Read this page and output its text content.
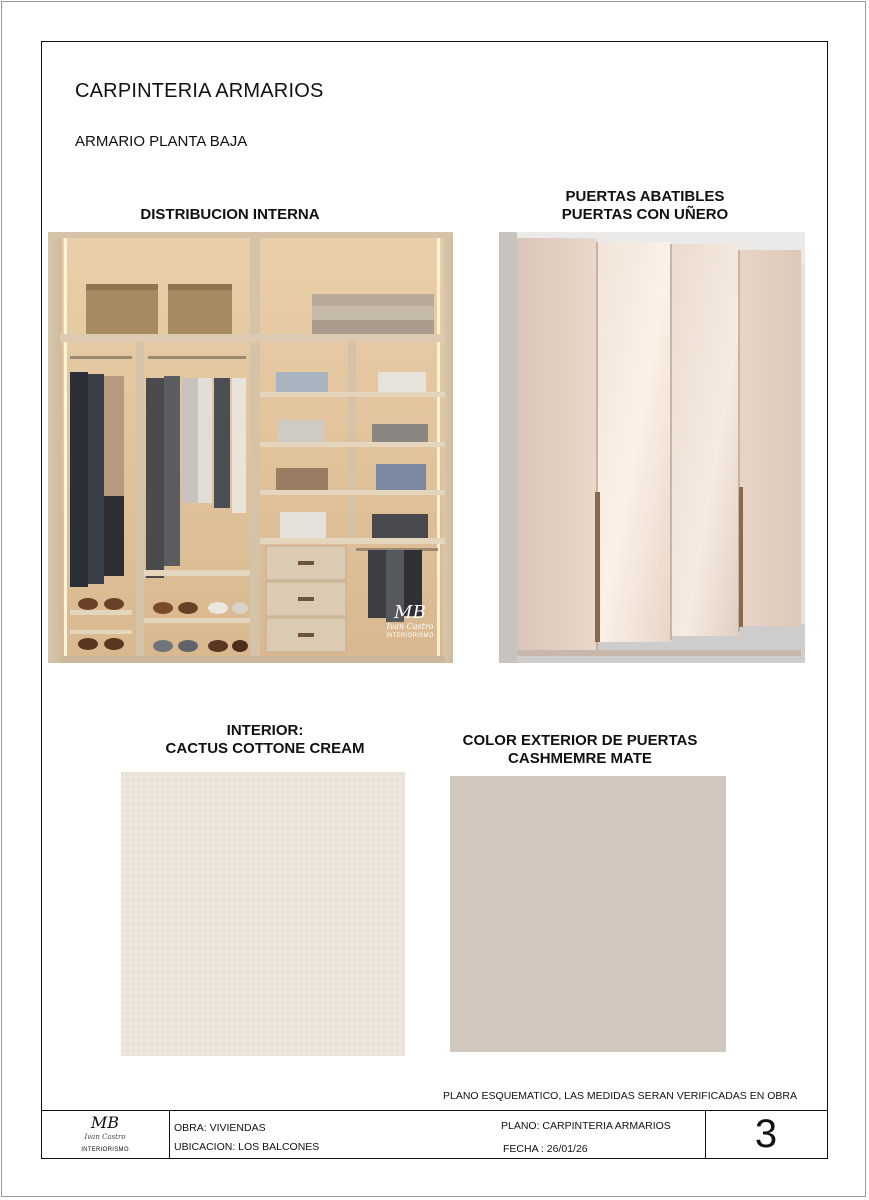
CARPINTERIA ARMARIOS
ARMARIO PLANTA BAJA
DISTRIBUCION INTERNA
PUERTAS ABATIBLES
PUERTAS CON UÑERO
MB
Ivan Castro
INTERIORISMO
INTERIOR:
CACTUS COTTONE CREAM	COLOR EXTERIOR DE PUERTAS
CASHMEMRE MATE
PLANO ESQUEMATICO, LAS MEDIDAS SERAN VERIFICADAS EN OBRA
MB
Ivan Castro
INTERIORISMO
OBRA: VIVIENDAS
UBICACION: LOS BALCONES
PLANO: CARPINTERIA ARMARIOS
FECHA : 26/01/26	3
